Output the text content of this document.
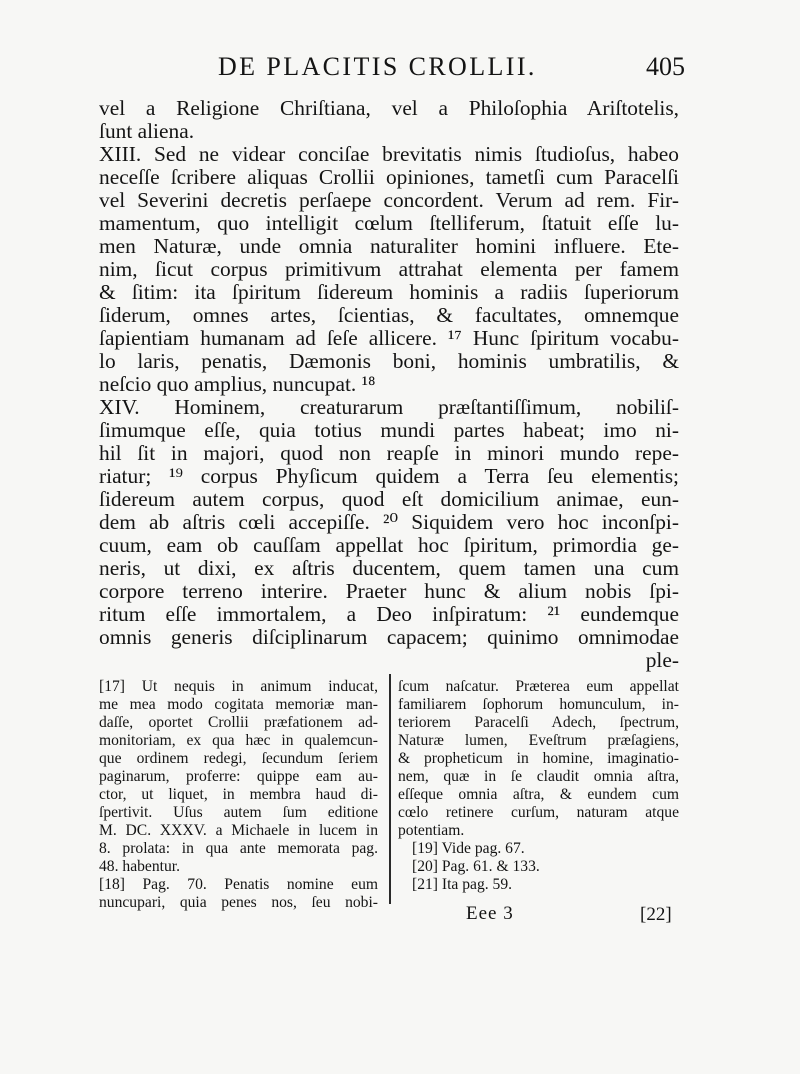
DE PLACITIS CROLLII.	405
vel a Religione Chriſtiana, vel a Philoſophia Ariſtotelis,
ſunt aliena.
XIII. Sed ne videar conciſae brevitatis nimis ſtudioſus, habeo
neceſſe ſcribere aliquas Crollii opiniones, tametſi cum Paracelſi
vel Severini decretis perſaepe concordent. Verum ad rem. Fir-
mamentum, quo intelligit cœlum ſtelliferum, ſtatuit eſſe lu-
men Naturæ, unde omnia naturaliter homini influere. Ete-
nim, ſicut corpus primitivum attrahat elementa per famem
& ſitim: ita ſpiritum ſidereum hominis a radiis ſuperiorum
ſiderum, omnes artes, ſcientias, & facultates, omnemque
ſapientiam humanam ad ſeſe allicere. ¹⁷ Hunc ſpiritum vocabu-
lo laris, penatis, Dæmonis boni, hominis umbratilis, &
neſcio quo amplius, nuncupat. ¹⁸
XIV. Hominem, creaturarum præſtantiſſimum, nobiliſ-
ſimumque eſſe, quia totius mundi partes habeat; imo ni-
hil ſit in majori, quod non reapſe in minori mundo repe-
riatur; ¹⁹ corpus Phyſicum quidem a Terra ſeu elementis;
ſidereum autem corpus, quod eſt domicilium animae, eun-
dem ab aſtris cœli accepiſſe. ²⁰ Siquidem vero hoc inconſpi-
cuum, eam ob cauſſam appellat hoc ſpiritum, primordia ge-
neris, ut dixi, ex aſtris ducentem, quem tamen una cum
corpore terreno interire. Praeter hunc & alium nobis ſpi-
ritum eſſe immortalem, a Deo inſpiratum: ²¹ eundemque
omnis generis diſciplinarum capacem; quinimo omnimodae
ple-
[17] Ut nequis in animum inducat,
me mea modo cogitata memoriæ man-
daſſe, oportet Crollii præfationem ad-
monitoriam, ex qua hæc in qualemcun-
que ordinem redegi, ſecundum ſeriem
paginarum, proferre: quippe eam au-
ctor, ut liquet, in membra haud di-
ſpertivit. Uſus autem ſum editione
M. DC. XXXV. a Michaele in lucem in
8. prolata: in qua ante memorata pag.
48. habentur.
[18] Pag. 70. Penatis nomine eum
nuncupari, quia penes nos, ſeu nobi-
ſcum naſcatur. Præterea eum appellat
familiarem ſophorum homunculum, in-
teriorem Paracelſi Adech, ſpectrum,
Naturæ lumen, Eveſtrum præſagiens,
& propheticum in homine, imaginatio-
nem, quæ in ſe claudit omnia aſtra,
eſſeque omnia aſtra, & eundem cum
cœlo retinere curſum, naturam atque
potentiam.
[19] Vide pag. 67.
[20] Pag. 61. & 133.
[21] Ita pag. 59.
Eee 3	[22]
